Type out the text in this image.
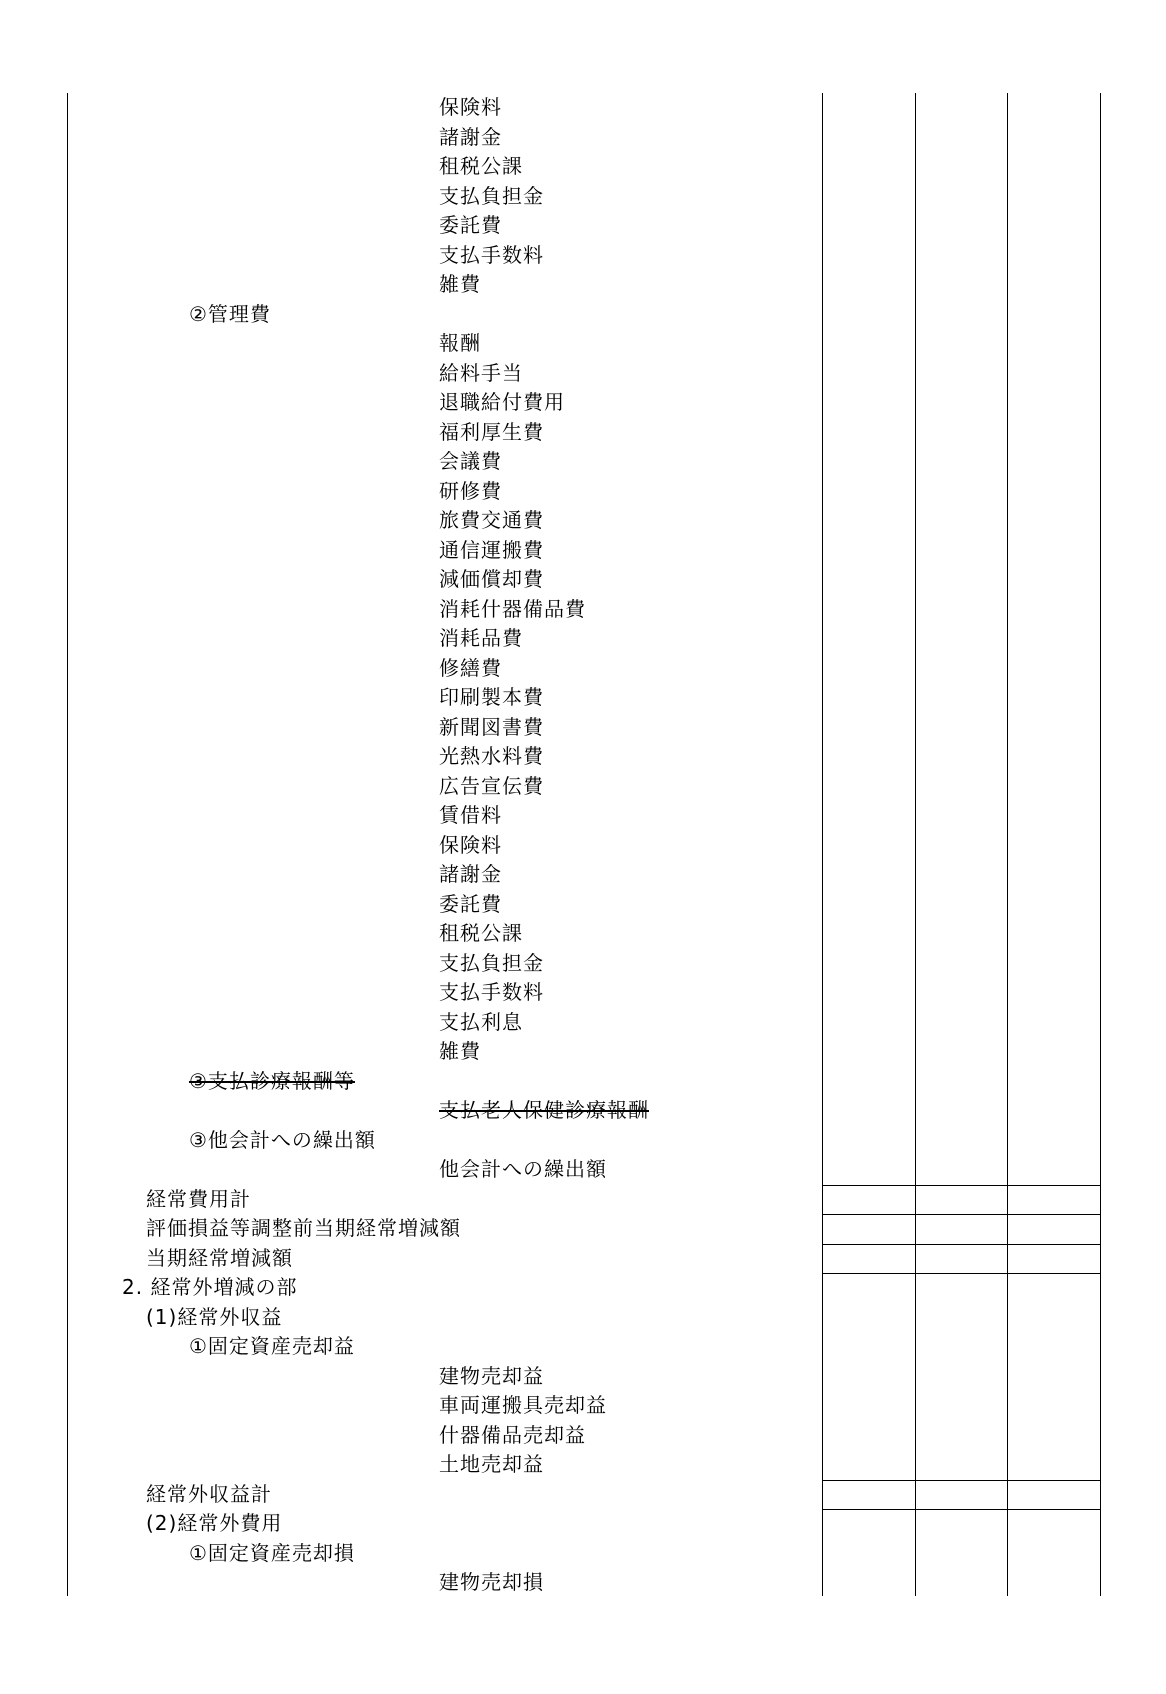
保険料
諸謝金
租税公課
支払負担金
委託費
支払手数料
雑費
②管理費
報酬
給料手当
退職給付費用
福利厚生費
会議費
研修費
旅費交通費
通信運搬費
減価償却費
消耗什器備品費
消耗品費
修繕費
印刷製本費
新聞図書費
光熱水料費
広告宣伝費
賃借料
保険料
諸謝金
委託費
租税公課
支払負担金
支払手数料
支払利息
雑費
③支払診療報酬等
支払老人保健診療報酬
③他会計への繰出額
他会計への繰出額
経常費用計
評価損益等調整前当期経常増減額
当期経常増減額
2. 経常外増減の部
(1)経常外収益
①固定資産売却益
建物売却益
車両運搬具売却益
什器備品売却益
土地売却益
経常外収益計
(2)経常外費用
①固定資産売却損
建物売却損
